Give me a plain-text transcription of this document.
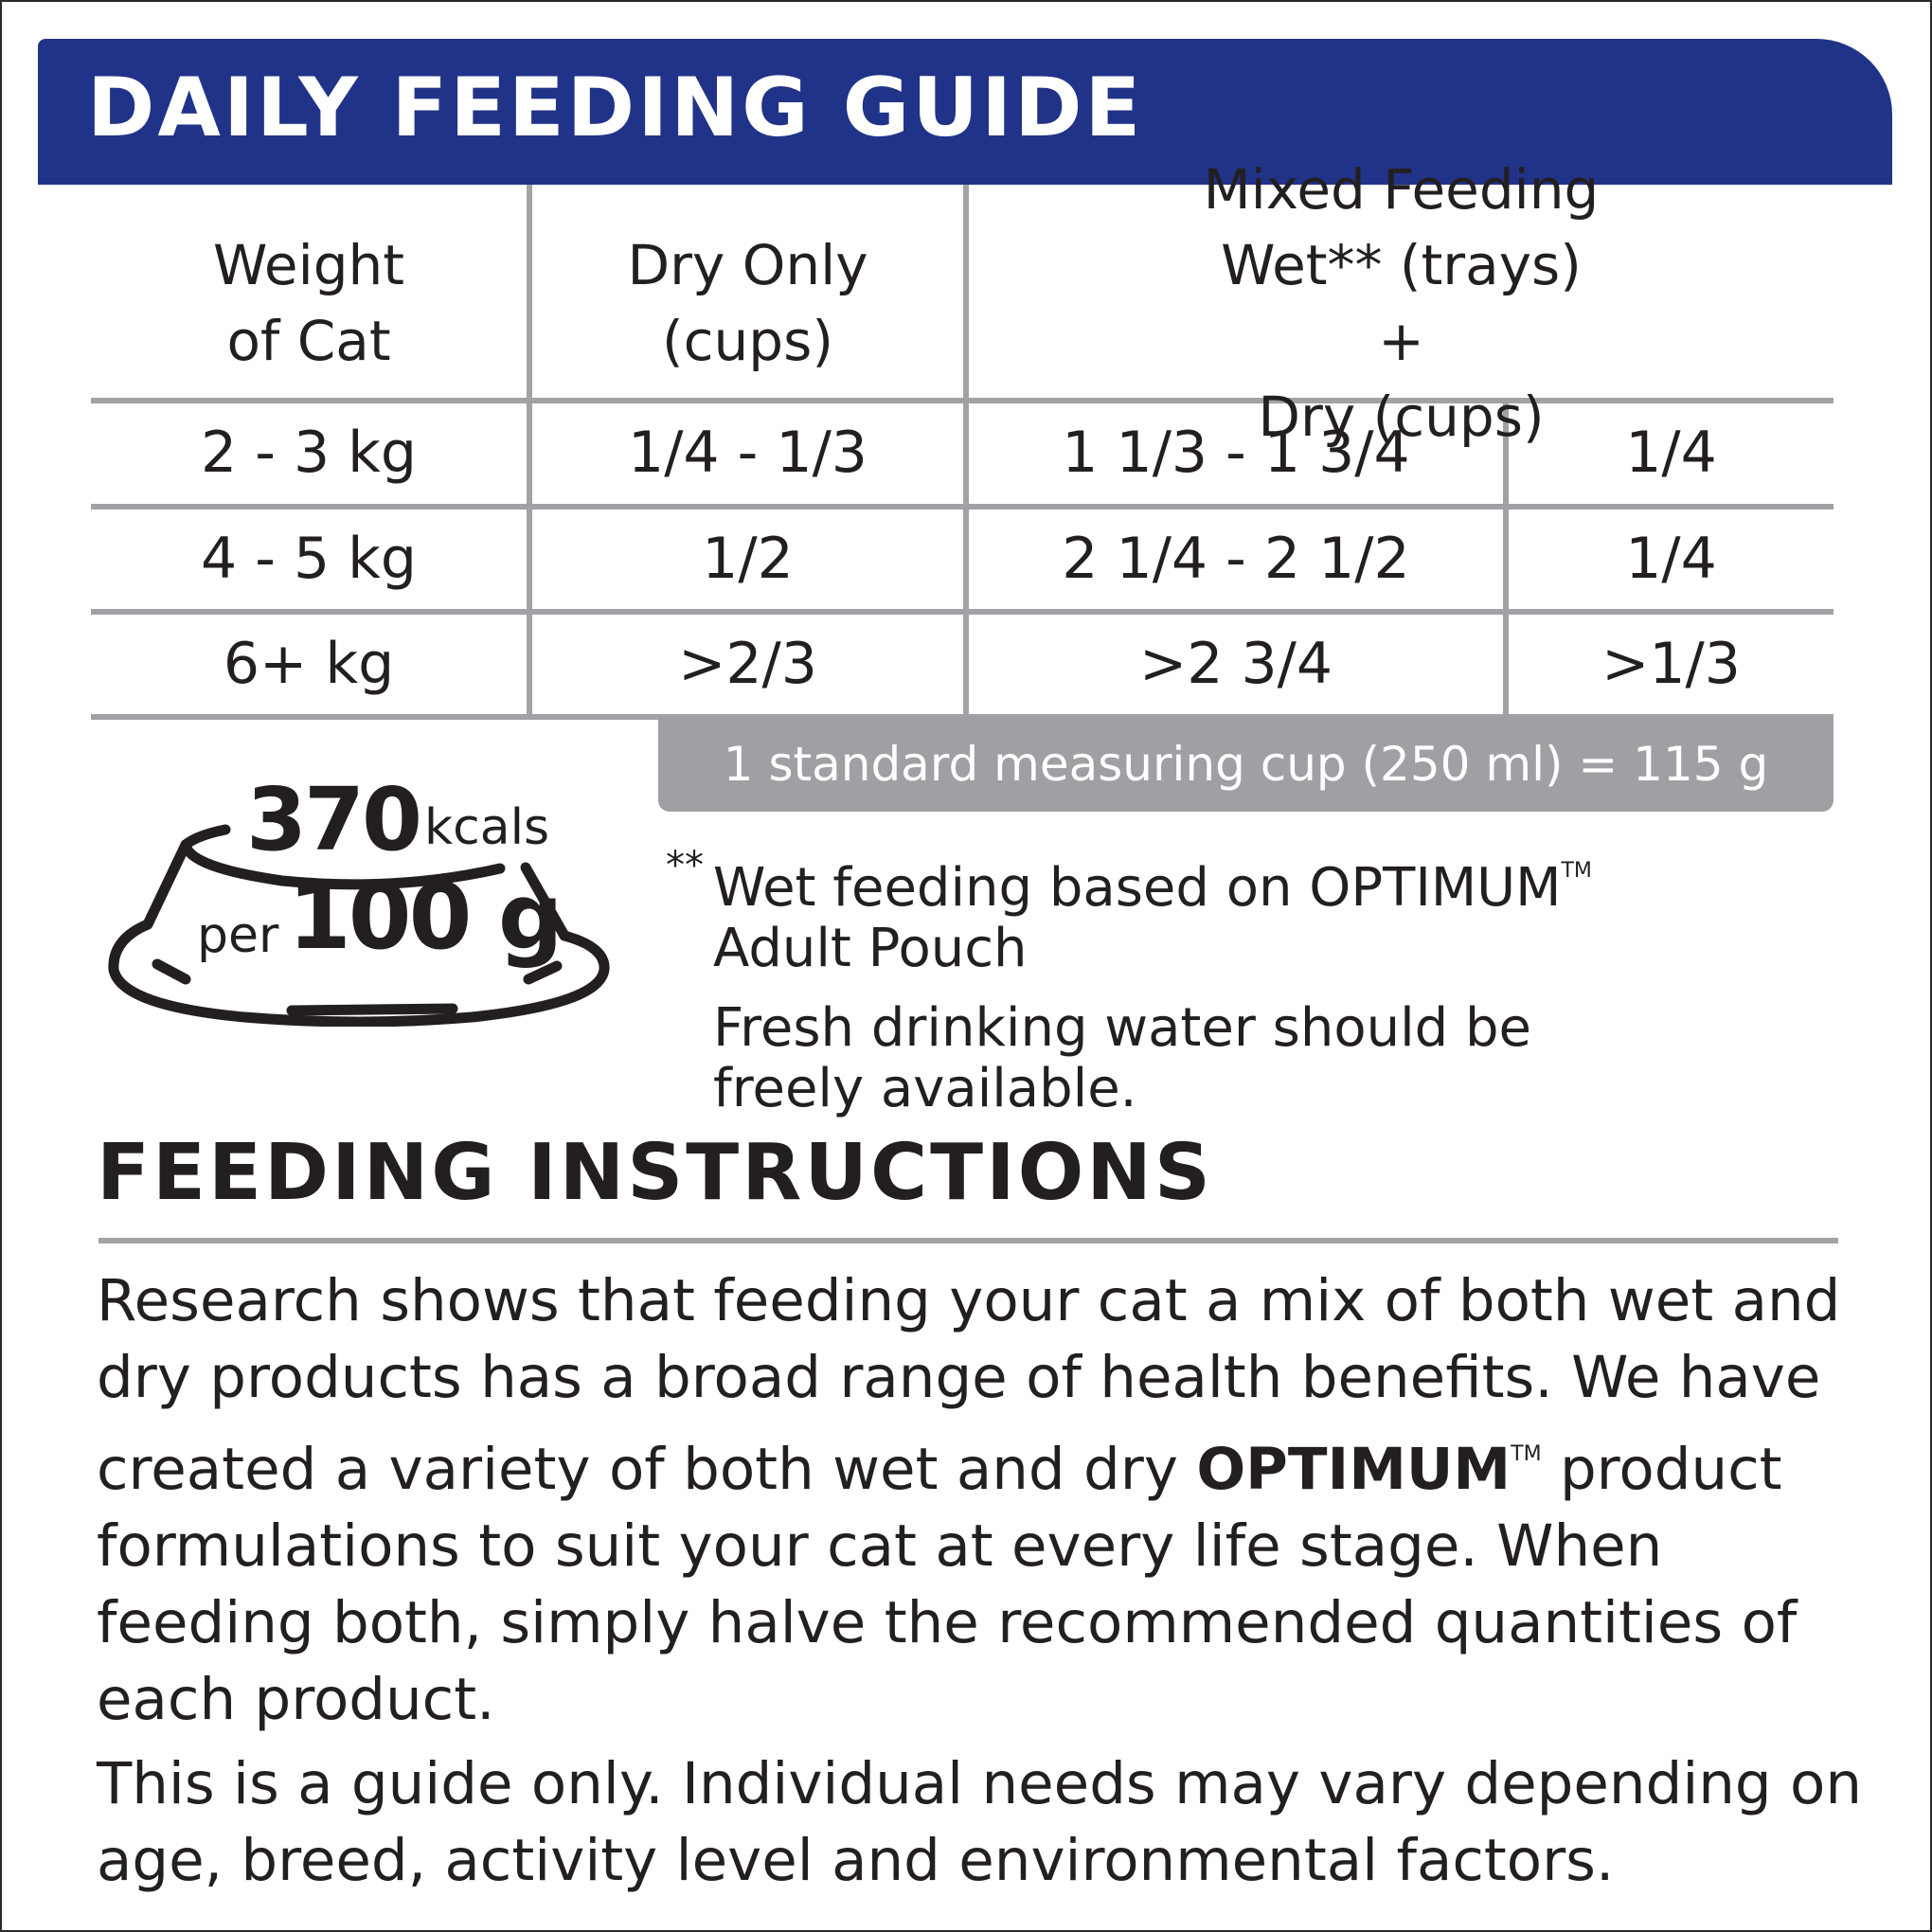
DAILY FEEDING GUIDE
Weight
of Cat
Dry Only
(cups)
Mixed Feeding
Wet** (trays)
+
Dry (cups)
2 - 3 kg	1/4 - 1/3	1 1/3 - 1 3/4	1/4
4 - 5 kg	1/2	2 1/4 - 2 1/2	1/4
6+ kg	>2/3	>2 3/4	>1/3
1 standard measuring cup (250 ml) = 115 g
370 kcals
per 100 g	** Wet feeding based on OPTIMUM™
Adult Pouch
Fresh drinking water should be freely available.
FEEDING INSTRUCTIONS

Research shows that feeding your cat a mix of both wet and dry products has a broad range of health benefits. We have created a variety of both wet and dry OPTIMUM™ product formulations to suit your cat at every life stage. When feeding both, simply halve the recommended quantities of each product.

This is a guide only. Individual needs may vary depending on age, breed, activity level and environmental factors.
